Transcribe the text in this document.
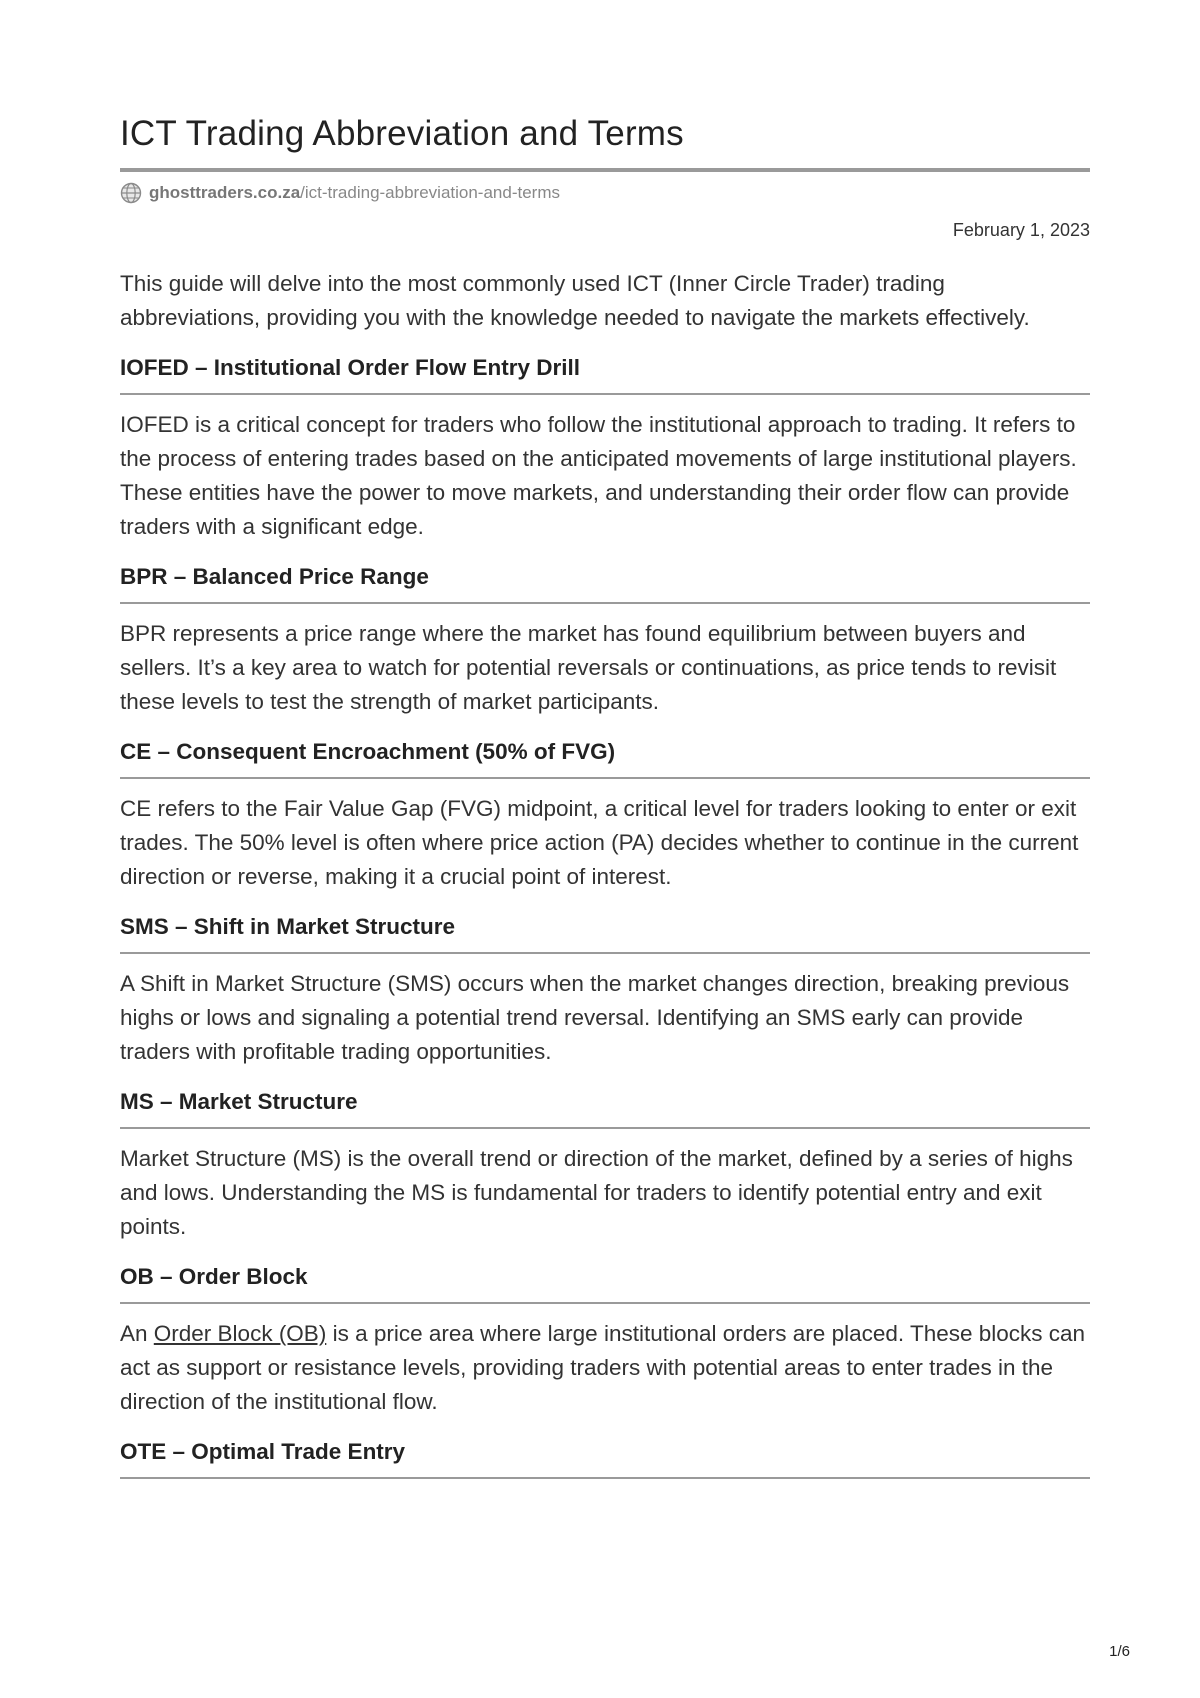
ICT Trading Abbreviation and Terms
ghosttraders.co.za /ict-trading-abbreviation-and-terms
February 1, 2023

This guide will delve into the most commonly used ICT (Inner Circle Trader) trading abbreviations, providing you with the knowledge needed to navigate the markets effectively.

IOFED – Institutional Order Flow Entry Drill

IOFED is a critical concept for traders who follow the institutional approach to trading. It refers to the process of entering trades based on the anticipated movements of large institutional players. These entities have the power to move markets, and understanding their order flow can provide traders with a significant edge.

BPR – Balanced Price Range

BPR represents a price range where the market has found equilibrium between buyers and sellers. It’s a key area to watch for potential reversals or continuations, as price tends to revisit these levels to test the strength of market participants.

CE – Consequent Encroachment (50% of FVG)

CE refers to the Fair Value Gap (FVG) midpoint, a critical level for traders looking to enter or exit trades. The 50% level is often where price action (PA) decides whether to continue in the current direction or reverse, making it a crucial point of interest.

SMS – Shift in Market Structure

A Shift in Market Structure (SMS) occurs when the market changes direction, breaking previous highs or lows and signaling a potential trend reversal. Identifying an SMS early can provide traders with profitable trading opportunities.

MS – Market Structure

Market Structure (MS) is the overall trend or direction of the market, defined by a series of highs and lows. Understanding the MS is fundamental for traders to identify potential entry and exit points.

OB – Order Block

An Order Block (OB) is a price area where large institutional orders are placed. These blocks can act as support or resistance levels, providing traders with potential areas to enter trades in the direction of the institutional flow.

OTE – Optimal Trade Entry
1/6
